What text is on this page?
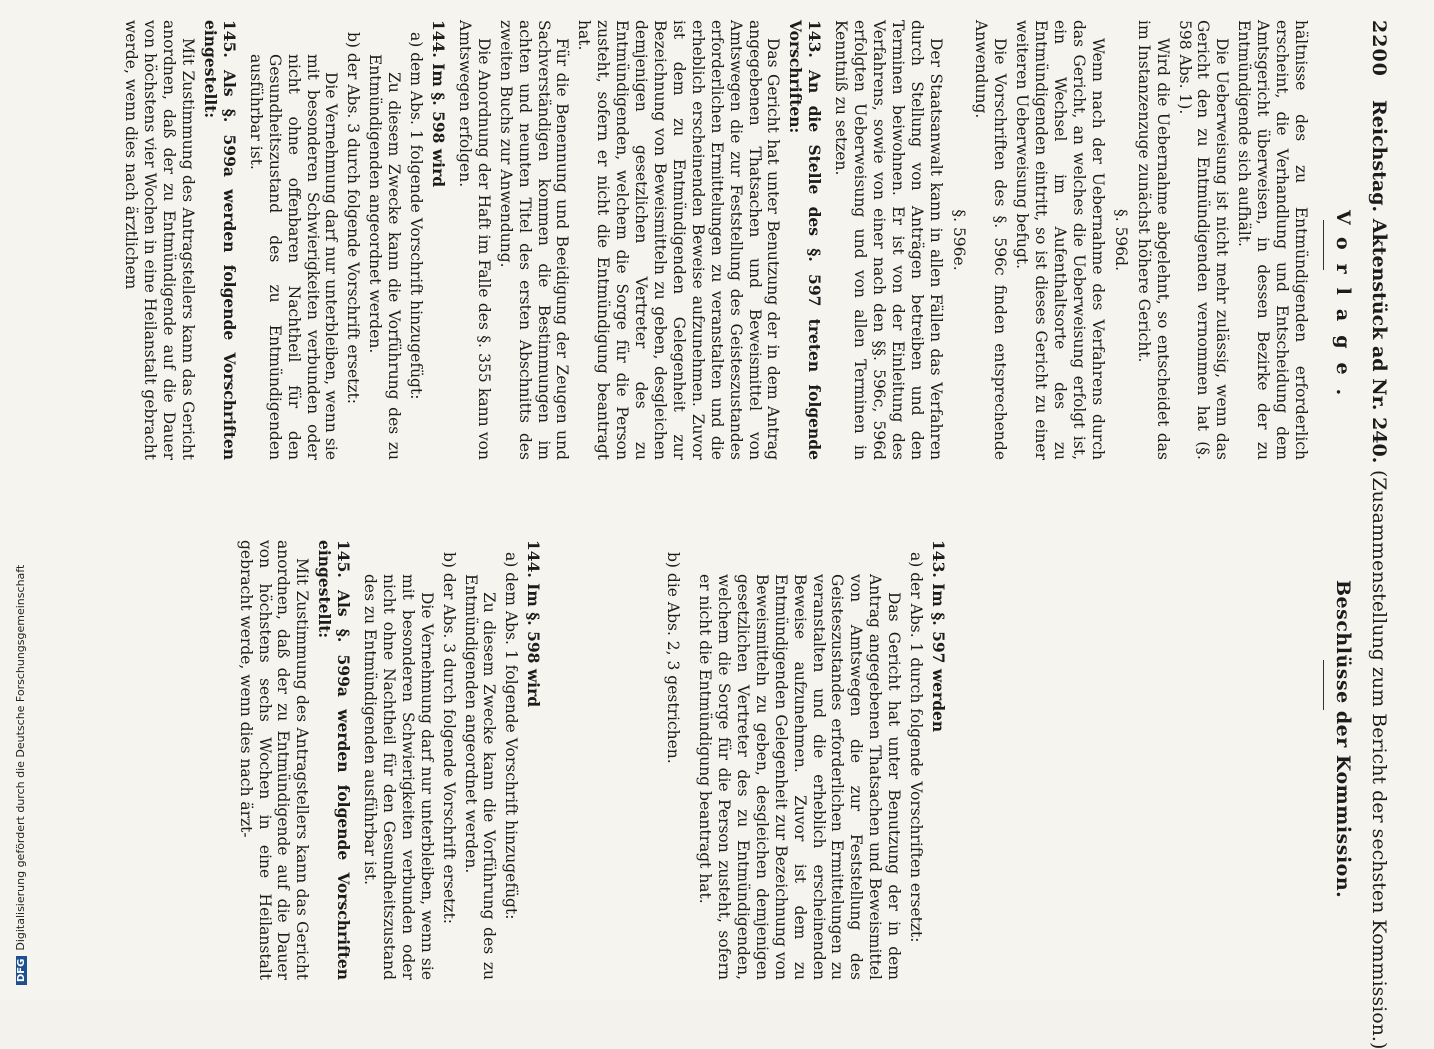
2200
Reichstag. Aktenstück ad Nr. 240. (Zusammenstellung zum Bericht der sechsten Kommission.)
Vorlage.
Beschlüsse der Kommission.

hältnisse des zu Entmündigenden erforderlich erscheint, die Verhandlung und Entscheidung dem Amtsgericht überweisen, in dessen Bezirke der zu Entmündigende sich aufhält.

Die Ueberweisung ist nicht mehr zulässig, wenn das Gericht den zu Entmündigenden vernommen hat (§. 598 Abs. 1).

Wird die Uebernahme abgelehnt, so entscheidet das im Instanzenzuge zunächst höhere Gericht.

§. 596d.

Wenn nach der Uebernahme des Verfahrens durch das Gericht, an welches die Ueberweisung erfolgt ist, ein Wechsel im Aufenthaltsorte des zu Entmündigenden eintritt, so ist dieses Gericht zu einer weiteren Ueberweisung befugt.

Die Vorschriften des §. 596c finden entsprechende Anwendung.

§. 596e.

Der Staatsanwalt kann in allen Fällen das Verfahren durch Stellung von Anträgen betreiben und den Terminen beiwohnen. Er ist von der Einleitung des Verfahrens, sowie von einer nach den §§. 596c, 596d erfolgten Ueberweisung und von allen Terminen in Kenntniß zu setzen.

143. An die Stelle des §. 597 treten folgende Vorschriften:

Das Gericht hat unter Benutzung der in dem Antrag angegebenen Thatsachen und Beweismittel von Amtswegen die zur Feststellung des Geisteszustandes erforderlichen Ermittelungen zu veranstalten und die erheblich erscheinenden Beweise aufzunehmen. Zuvor ist dem zu Entmündigenden Gelegenheit zur Bezeichnung von Beweismitteln zu geben, desgleichen demjenigen gesetzlichen Vertreter des zu Entmündigenden, welchem die Sorge für die Person zusteht, sofern er nicht die Entmündigung beantragt hat.

Für die Benennung und Beeidigung der Zeugen und Sachverständigen kommen die Bestimmungen im achten und neunten Titel des ersten Abschnitts des zweiten Buchs zur Anwendung.

Die Anordnung der Haft im Falle des §. 355 kann von Amtswegen erfolgen.

144. Im §. 598 wird

a) dem Abs. 1 folgende Vorschrift hinzugefügt:

Zu diesem Zwecke kann die Vorführung des zu Entmündigenden angeordnet werden.

b) der Abs. 3 durch folgende Vorschrift ersetzt:

Die Vernehmung darf nur unterbleiben, wenn sie mit besonderen Schwierigkeiten verbunden oder nicht ohne offenbaren Nachtheil für den Gesundheitszustand des zu Entmündigenden ausführbar ist.

145. Als §. 599a werden folgende Vorschriften eingestellt:

Mit Zustimmung des Antragstellers kann das Gericht anordnen, daß der zu Entmündigende auf die Dauer von höchstens vier Wochen in eine Heilanstalt gebracht werde, wenn dies nach ärztlichem

143. Im §. 597 werden

a) der Abs. 1 durch folgende Vorschriften ersetzt:

Das Gericht hat unter Benutzung der in dem Antrag angegebenen Thatsachen und Beweismittel von Amtswegen die zur Feststellung des Geisteszustandes erforderlichen Ermittelungen zu veranstalten und die erheblich erscheinenden Beweise aufzunehmen. Zuvor ist dem zu Entmündigenden Gelegenheit zur Bezeichnung von Beweismitteln zu geben, desgleichen demjenigen gesetzlichen Vertreter des zu Entmündigenden, welchem die Sorge für die Person zusteht, sofern er nicht die Entmündigung beantragt hat.

b) die Abs. 2, 3 gestrichen.

144. Im §. 598 wird

a) dem Abs. 1 folgende Vorschrift hinzugefügt:

Zu diesem Zwecke kann die Vorführung des zu Entmündigenden angeordnet werden.

b) der Abs. 3 durch folgende Vorschrift ersetzt:

Die Vernehmung darf nur unterbleiben, wenn sie mit besonderen Schwierigkeiten verbunden oder nicht ohne Nachtheil für den Gesundheitszustand des zu Entmündigenden ausführbar ist.

145. Als §. 599a werden folgende Vorschriften eingestellt:

Mit Zustimmung des Antragstellers kann das Gericht anordnen, daß der zu Entmündigende auf die Dauer von höchstens sechs Wochen in eine Heilanstalt gebracht werde, wenn dies nach ärzt-

DFGDigitalisierung gefördert durch die Deutsche Forschungsgemeinschaft
